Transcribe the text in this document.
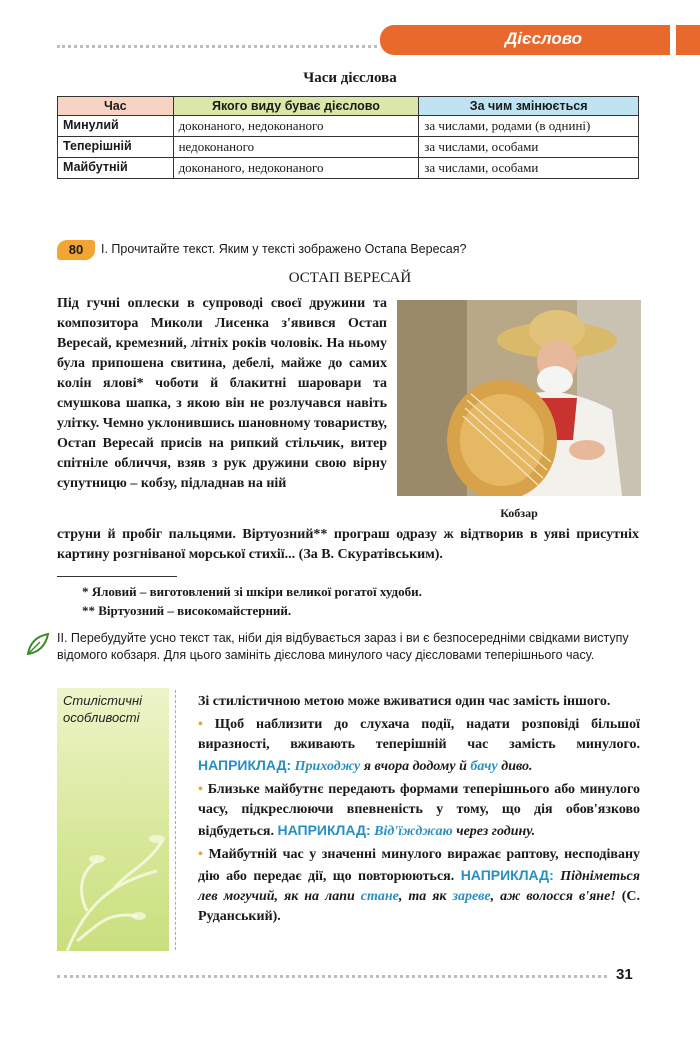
Дієслово
Часи дієслова
Час	Якого виду буває дієслово	За чим змінюється
Минулий	доконаного, недоконаного	за числами, родами (в однині)
Теперішній	недоконаного	за числами, особами
Майбутній	доконаного, недоконаного	за числами, особами
80	І. Прочитайте текст. Яким у тексті зображено Остапа Вересая?
ОСТАП ВЕРЕСАЙ
Під гучні оплески в супроводі своєї дружини та композитора Миколи Лисенка з'явився Остап Вересай, кремезний, літніх років чоловік. На ньому була припошена свитина, дебелі, майже до самих колін яловi* чоботи й блакитні шаровари та смушкова шапка, з якою він не розлучався навіть улітку. Чемно уклонившись шановному товариству, Остап Вересай присів на рипкий стільчик, витер спітніле обличчя, взяв з рук дружини свою вірну супутницю – кобзу, підладнав на ній
Кобзар
струни й пробіг пальцями. Віртуозний** програш одразу ж відтворив в уяві присутніх картину розгніваної морської стихії... (За В. Скуратівським).
* Яловий – виготовлений зі шкіри великої рогатої худоби.
** Віртуозний – високомайстерний.
ІІ. Перебудуйте усно текст так, ніби дія відбувається зараз і ви є безпосередніми свідками виступу відомого кобзаря. Для цього замініть дієслова минулого часу дієсловами теперішнього часу.
Стилістичні особливості

Зі стилістичною метою може вживатися один час замість іншого.

• Щоб наблизити до слухача події, надати розповіді більшої виразності, вживають теперішній час замість минулого. НАПРИКЛАД: Приходжу я вчора додому й бачу диво.

• Близьке майбутнє передають формами теперішнього або минулого часу, підкреслюючи впевненість у тому, що дія обов'язково відбудеться. НАПРИКЛАД: Від'їжджаю через годину.

• Майбутній час у значенні минулого виражає раптову, несподівану дію або передає дії, що повторюються. НАПРИКЛАД: Підніметься лев могучий, як на лапи стане, та як заревe, аж волосся в'яне! (С. Руданський).

31
